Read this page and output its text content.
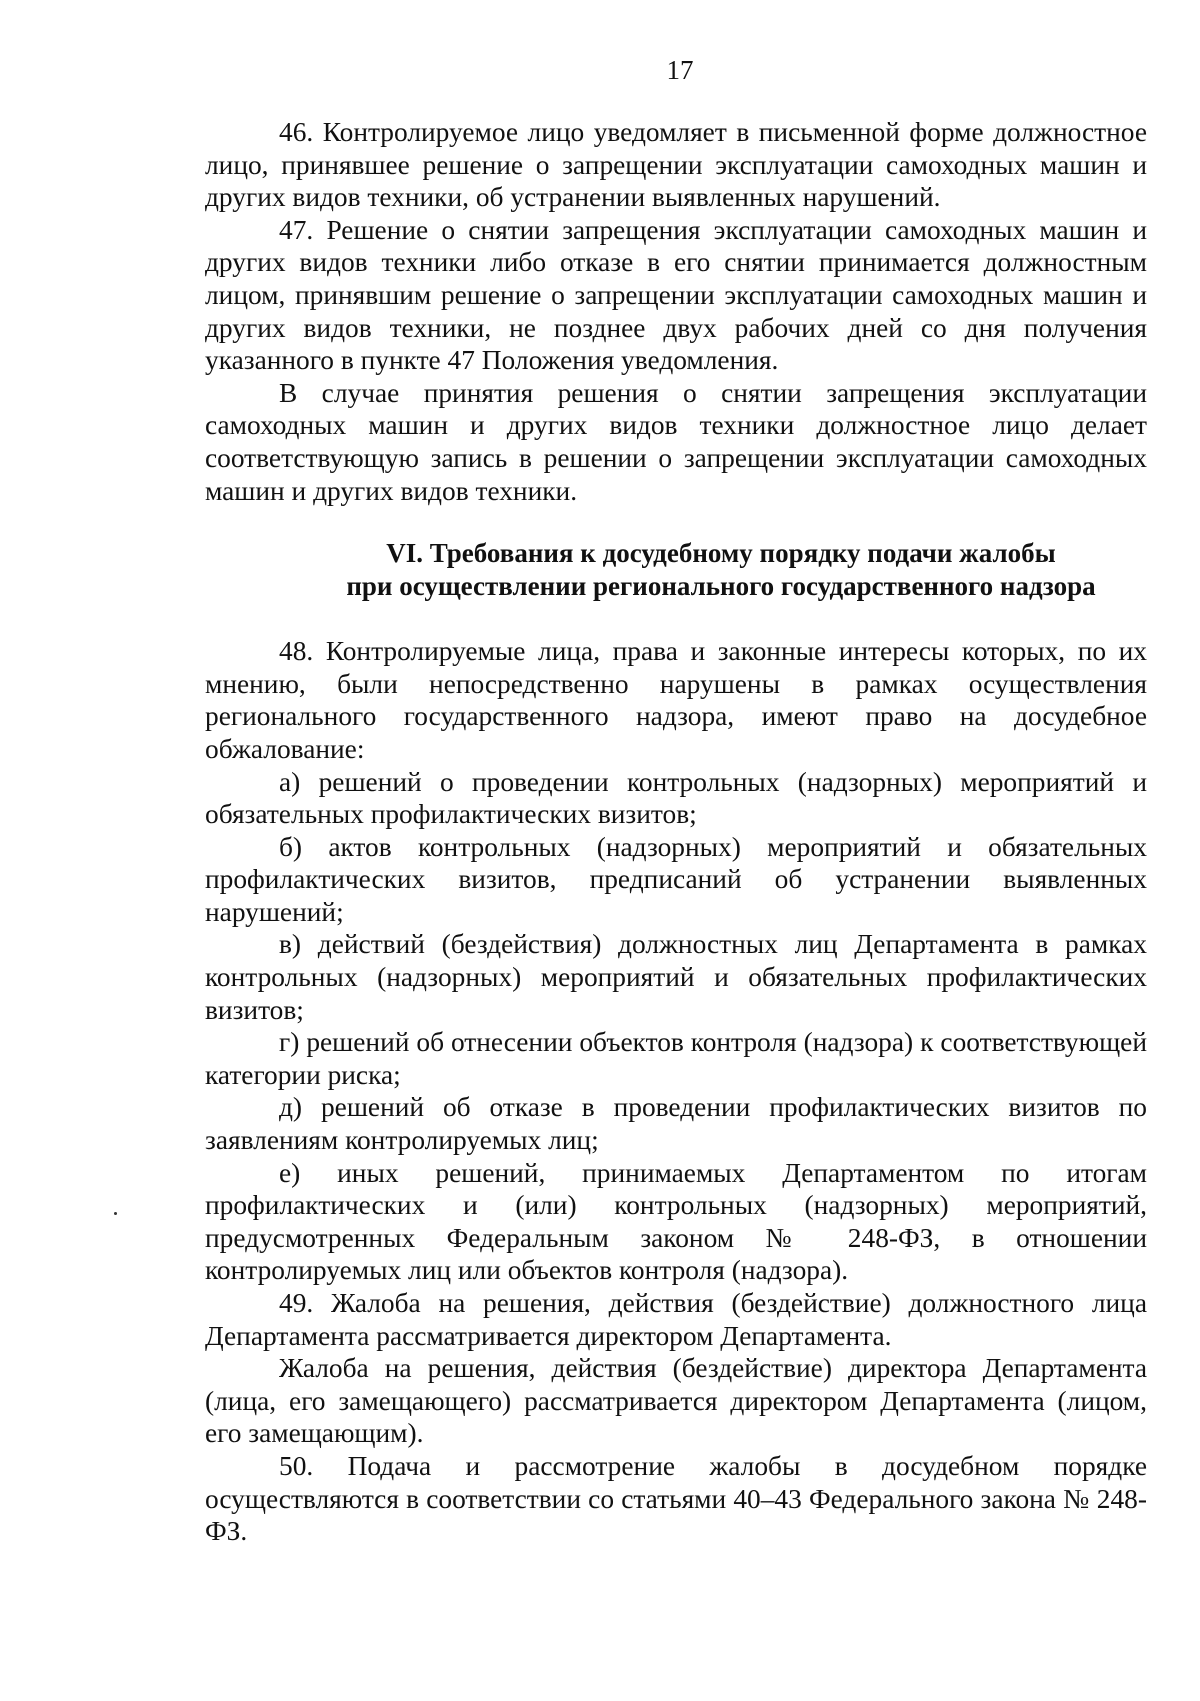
17

46. Контролируемое лицо уведомляет в письменной форме должностное лицо, принявшее решение о запрещении эксплуатации самоходных машин и других видов техники, об устранении выявленных нарушений.

47. Решение о снятии запрещения эксплуатации самоходных машин и других видов техники либо отказе в его снятии принимается должностным лицом, принявшим решение о запрещении эксплуатации самоходных машин и других видов техники, не позднее двух рабочих дней со дня получения указанного в пункте 47 Положения уведомления.

В случае принятия решения о снятии запрещения эксплуатации самоходных машин и других видов техники должностное лицо делает соответствующую запись в решении о запрещении эксплуатации самоходных машин и других видов техники.

VI. Требования к досудебному порядку подачи жалобы
при осуществлении регионального государственного надзора

48. Контролируемые лица, права и законные интересы которых, по их мнению, были непосредственно нарушены в рамках осуществления регионального государственного надзора, имеют право на досудебное обжалование:

а) решений о проведении контрольных (надзорных) мероприятий и обязательных профилактических визитов;

б) актов контрольных (надзорных) мероприятий и обязательных профилактических визитов, предписаний об устранении выявленных нарушений;

в) действий (бездействия) должностных лиц Департамента в рамках контрольных (надзорных) мероприятий и обязательных профилактических визитов;

г) решений об отнесении объектов контроля (надзора) к соответствующей категории риска;

д) решений об отказе в проведении профилактических визитов по заявлениям контролируемых лиц;

е) иных решений, принимаемых Департаментом по итогам профилактических и (или) контрольных (надзорных) мероприятий, предусмотренных Федеральным законом № 248-ФЗ, в отношении контролируемых лиц или объектов контроля (надзора).

49. Жалоба на решения, действия (бездействие) должностного лица Департамента рассматривается директором Департамента.

Жалоба на решения, действия (бездействие) директора Департамента (лица, его замещающего) рассматривается директором Департамента (лицом, его замещающим).

50. Подача и рассмотрение жалобы в досудебном порядке осуществляются в соответствии со статьями 40–43 Федерального закона № 248-ФЗ.
